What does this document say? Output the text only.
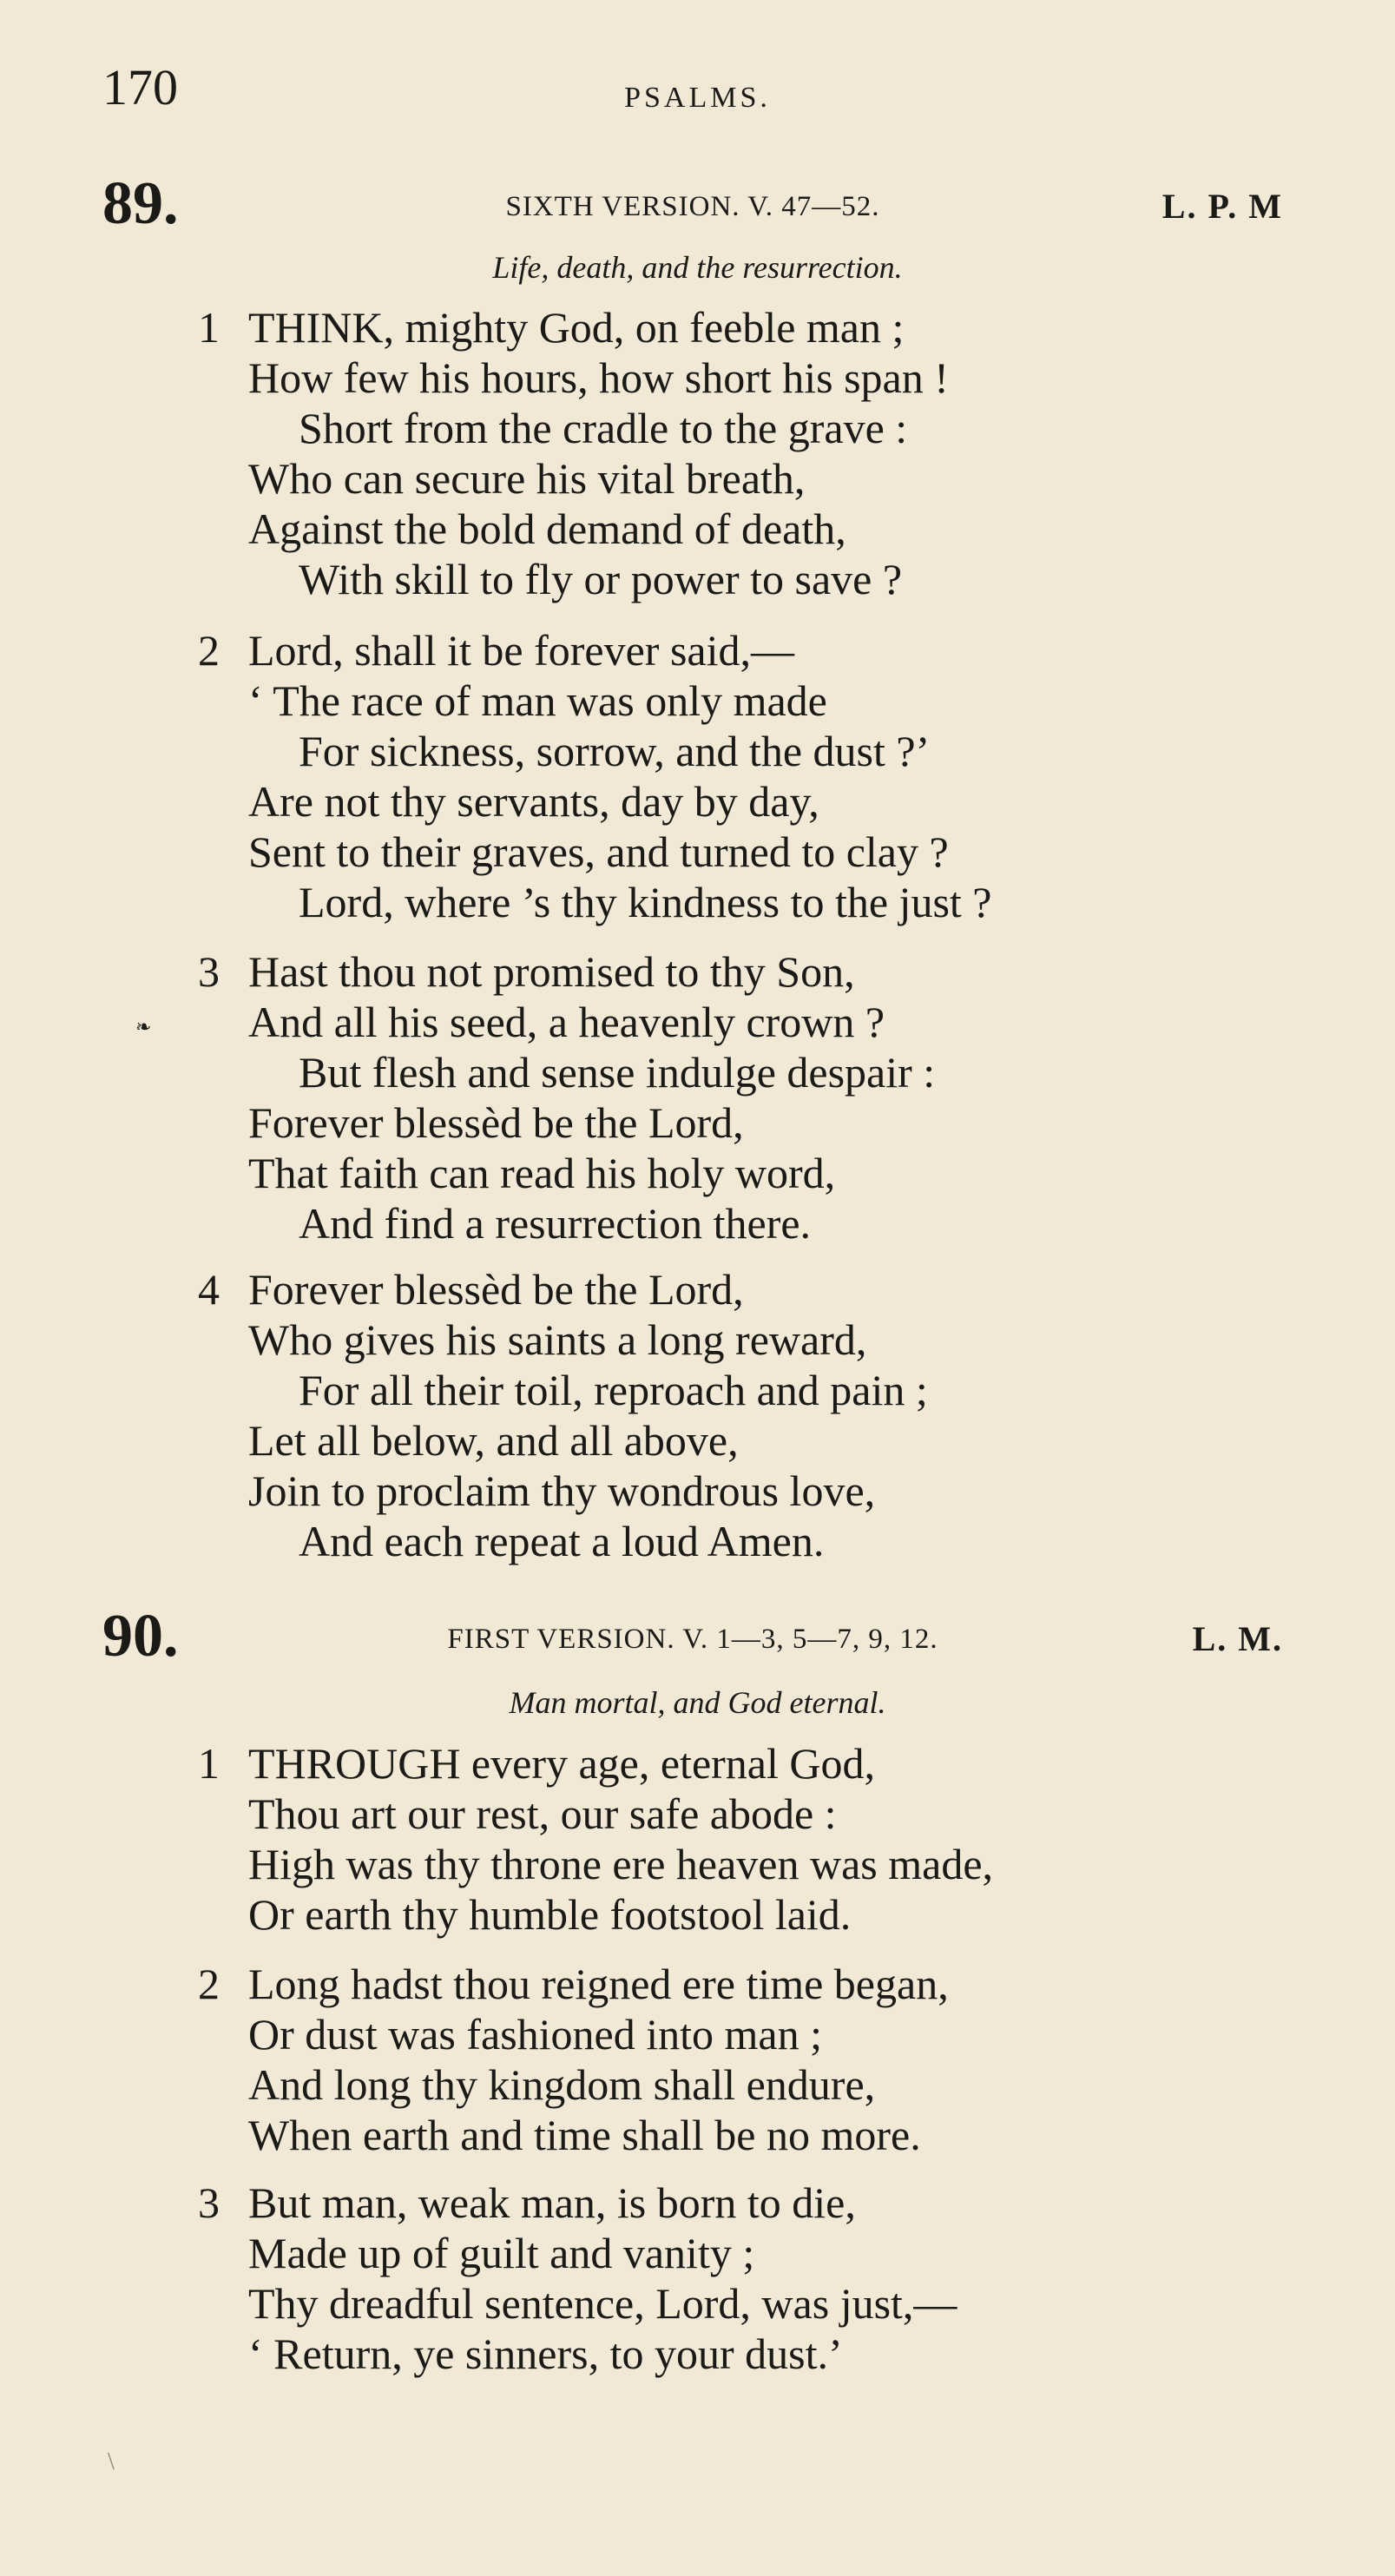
170	PSALMS.
89.	SIXTH VERSION. V. 47—52.	L. P. M
Life, death, and the resurrection.
1 THINK, mighty God, on feeble man ;
How few his hours, how short his span !
Short from the cradle to the grave :
Who can secure his vital breath,
Against the bold demand of death,
With skill to fly or power to save ?
2 Lord, shall it be forever said,—
‘ The race of man was only made
For sickness, sorrow, and the dust ?’
Are not thy servants, day by day,
Sent to their graves, and turned to clay ?
Lord, where ’s thy kindness to the just ?
❧
3 Hast thou not promised to thy Son,
And all his seed, a heavenly crown ?
But flesh and sense indulge despair :
Forever blessèd be the Lord,
That faith can read his holy word,
And find a resurrection there.
4 Forever blessèd be the Lord,
Who gives his saints a long reward,
For all their toil, reproach and pain ;
Let all below, and all above,
Join to proclaim thy wondrous love,
And each repeat a loud Amen.
90.	FIRST VERSION. V. 1—3, 5—7, 9, 12.	L. M.
Man mortal, and God eternal.
1 THROUGH every age, eternal God,
Thou art our rest, our safe abode :
High was thy throne ere heaven was made,
Or earth thy humble footstool laid.
2 Long hadst thou reigned ere time began,
Or dust was fashioned into man ;
And long thy kingdom shall endure,
When earth and time shall be no more.
3 But man, weak man, is born to die,
Made up of guilt and vanity ;
Thy dreadful sentence, Lord, was just,—
‘ Return, ye sinners, to your dust.’
\
